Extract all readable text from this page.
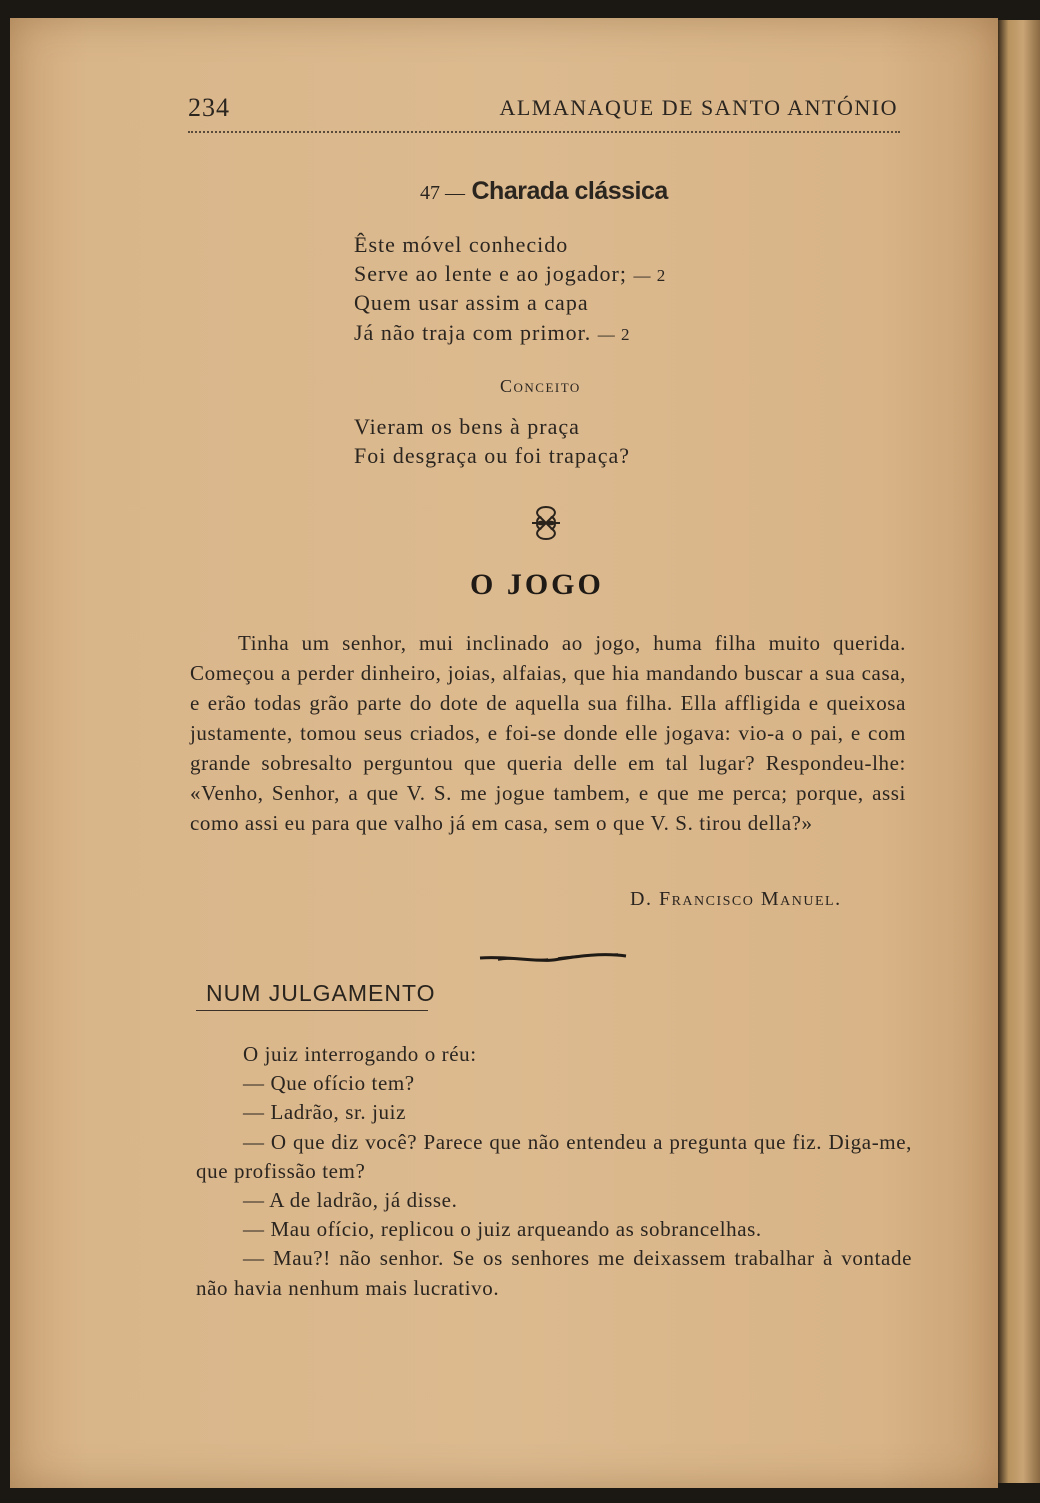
234	ALMANAQUE DE SANTO ANTÓNIO
47 — Charada clássica
Êste móvel conhecido
Serve ao lente e ao jogador; — 2
Quem usar assim a capa
Já não traja com primor. — 2
Conceito
Vieram os bens à praça
Foi desgraça ou foi trapaça?
O JOGO

Tinha um senhor, mui inclinado ao jogo, huma filha muito querida. Começou a perder dinheiro, joias, alfaias, que hia mandando buscar a sua casa, e erão todas grão parte do dote de aquella sua filha. Ella affligida e queixosa justamente, tomou seus criados, e foi-se donde elle jogava: vio-a o pai, e com grande sobresalto perguntou que queria delle em tal lugar? Respondeu-lhe: «Venho, Senhor, a que V. S. me jogue tambem, e que me perca; porque, assi como assi eu para que valho já em casa, sem o que V. S. tirou della?»

D. Francisco Manuel.
NUM JULGAMENTO

O juiz interrogando o réu:

— Que ofício tem?

— Ladrão, sr. juiz

— O que diz você? Parece que não entendeu a pregunta que fiz. Diga-me, que profissão tem?

— A de ladrão, já disse.

— Mau ofício, replicou o juiz arqueando as sobrancelhas.

— Mau?! não senhor. Se os senhores me deixassem trabalhar à vontade não havia nenhum mais lucrativo.
